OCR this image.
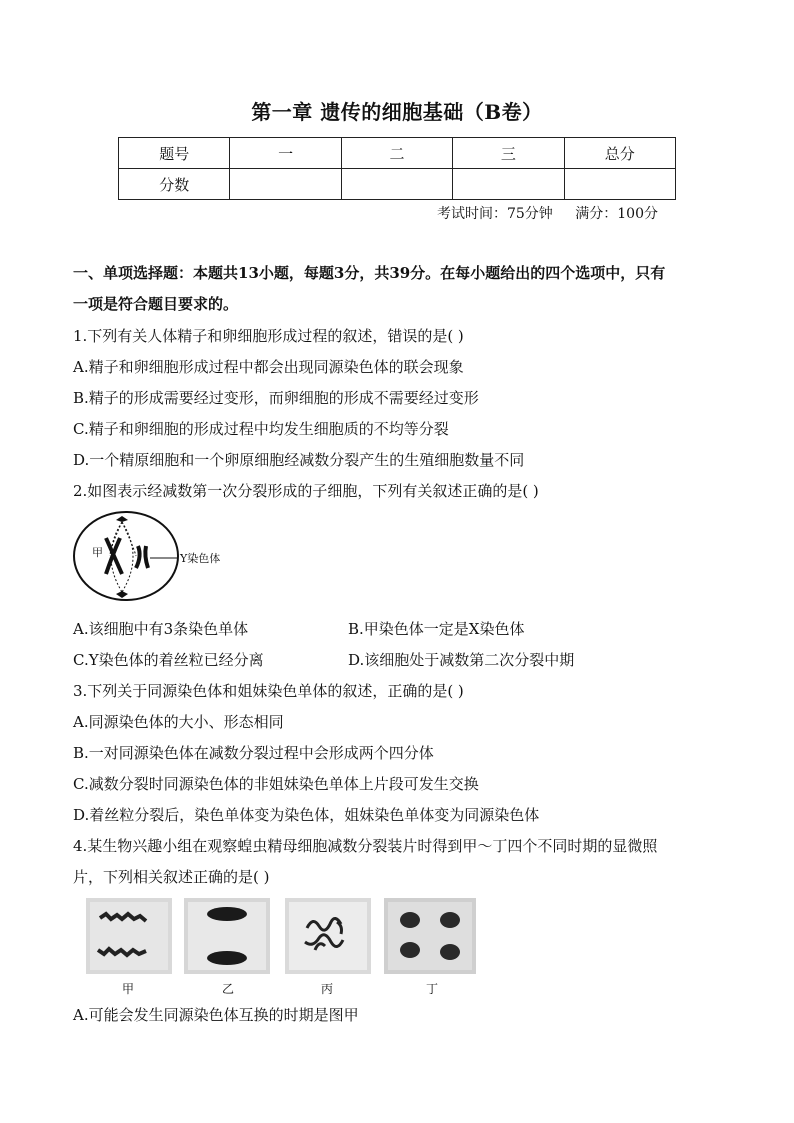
第一章 遗传的细胞基础（B卷）
题号	一	二	三	总分
分数				
考试时间：75分钟 满分：100分
一、单项选择题：本题共13小题，每题3分，共39分。在每小题给出的四个选项中，只有
一项是符合题目要求的。
1.下列有关人体精子和卵细胞形成过程的叙述，错误的是( )
A.精子和卵细胞形成过程中都会出现同源染色体的联会现象
B.精子的形成需要经过变形，而卵细胞的形成不需要经过变形
C.精子和卵细胞的形成过程中均发生细胞质的不均等分裂
D.一个精原细胞和一个卵原细胞经减数分裂产生的生殖细胞数量不同
2.如图表示经减数第一次分裂形成的子细胞，下列有关叙述正确的是( )
甲	Y染色体
A.该细胞中有3条染色单体	B.甲染色体一定是X染色体
C.Y染色体的着丝粒已经分离	D.该细胞处于减数第二次分裂中期
3.下列关于同源染色体和姐妹染色单体的叙述，正确的是( )
A.同源染色体的大小、形态相同
B.一对同源染色体在减数分裂过程中会形成两个四分体
C.减数分裂时同源染色体的非姐妹染色单体上片段可发生交换
D.着丝粒分裂后，染色单体变为染色体，姐妹染色单体变为同源染色体
4.某生物兴趣小组在观察蝗虫精母细胞减数分裂装片时得到甲～丁四个不同时期的显微照
片，下列相关叙述正确的是( )
甲	乙	丙	丁
A.可能会发生同源染色体互换的时期是图甲
